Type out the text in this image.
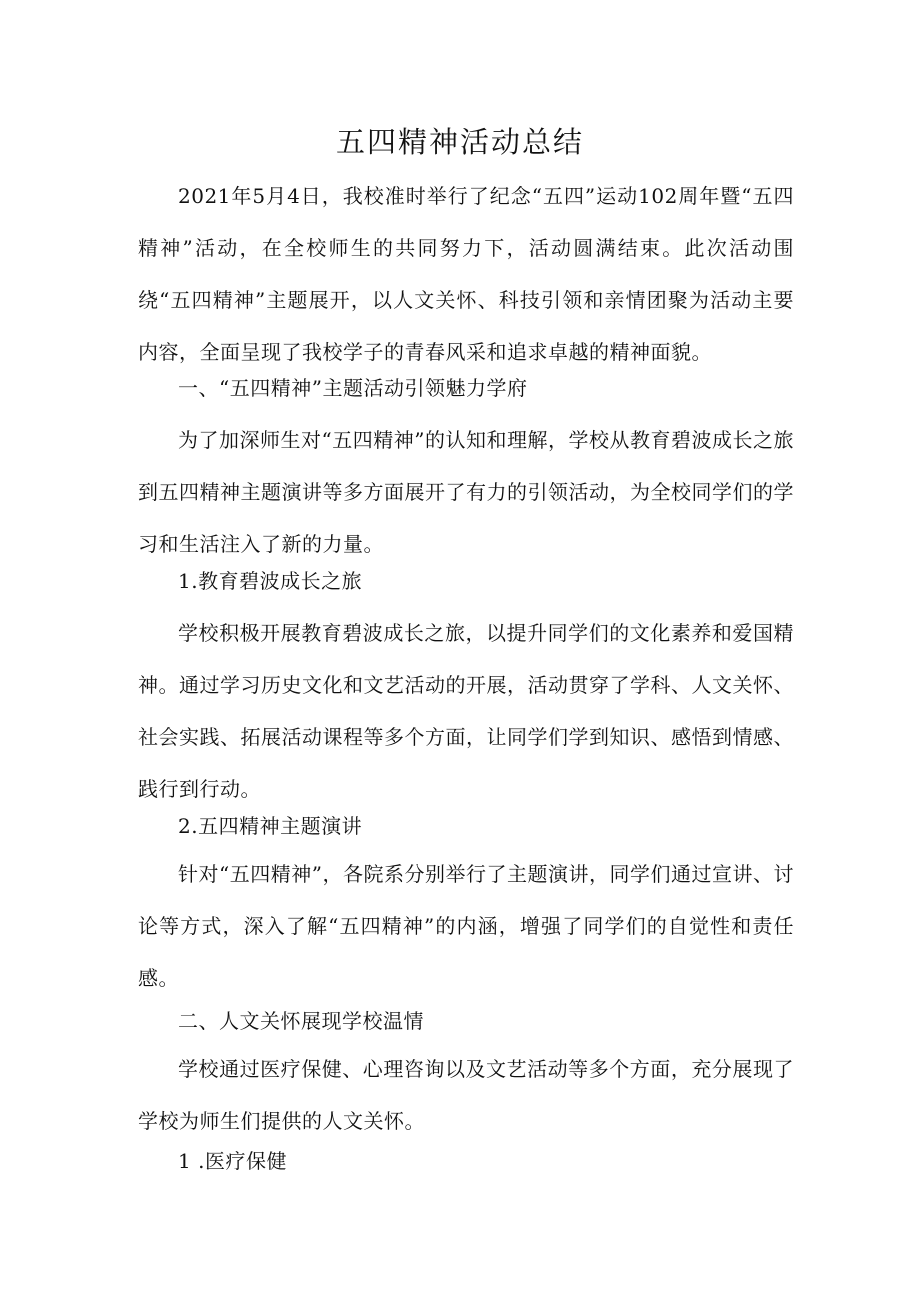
五四精神活动总结

2021年5月4日，我校准时举行了纪念“五四”运动102周年暨“五四精神”活动，在全校师生的共同努力下，活动圆满结束。此次活动围绕“五四精神”主题展开，以人文关怀、科技引领和亲情团聚为活动主要内容，全面呈现了我校学子的青春风采和追求卓越的精神面貌。

一、“五四精神”主题活动引领魅力学府

为了加深师生对“五四精神”的认知和理解，学校从教育碧波成长之旅到五四精神主题演讲等多方面展开了有力的引领活动，为全校同学们的学习和生活注入了新的力量。

1.教育碧波成长之旅

学校积极开展教育碧波成长之旅，以提升同学们的文化素养和爱国精神。通过学习历史文化和文艺活动的开展，活动贯穿了学科、人文关怀、社会实践、拓展活动课程等多个方面，让同学们学到知识、感悟到情感、践行到行动。

2.五四精神主题演讲

针对“五四精神”，各院系分别举行了主题演讲，同学们通过宣讲、讨论等方式，深入了解“五四精神”的内涵，增强了同学们的自觉性和责任感。

二、人文关怀展现学校温情

学校通过医疗保健、心理咨询以及文艺活动等多个方面，充分展现了学校为师生们提供的人文关怀。

1 .医疗保健
